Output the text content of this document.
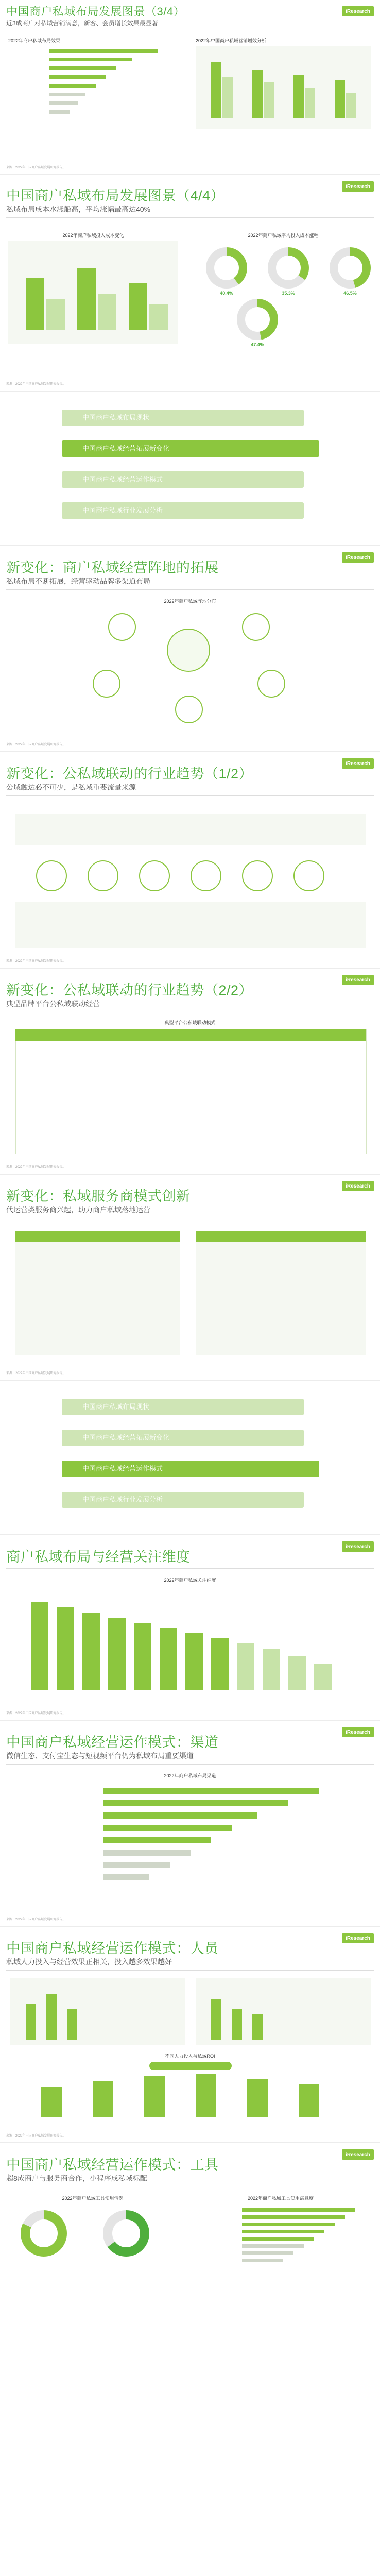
中国商户私域布局发展图景（3/4）
近3成商户对私域营销满意，新客、会员增长效果最显著
iResearch
2022年商户私域布局效果	2022年中国商户私域营销增效分析
来源：2022年中国商户私域发展研究报告。
中国商户私域布局发展图景（4/4）
私域布局成本水涨船高，平均涨幅最高达40%
iResearch
2022年商户私域投入成本变化	2022年商户私域平均投入成本涨幅
40.4%	35.3%	46.5%
47.4%
来源：2022年中国商户私域发展研究报告。
中国商户私域布局现状
中国商户私域经营拓展新变化
中国商户私域经营运作模式
中国商户私域行业发展分析
新变化：商户私域经营阵地的拓展
私域布局不断拓展，经营驱动品牌多渠道布局
iResearch
2022年商户私域阵地分布
来源：2022年中国商户私域发展研究报告。
新变化：公私域联动的行业趋势（1/2）
公域触达必不可少，是私域重要流量来源
iResearch
来源：2022年中国商户私域发展研究报告。
新变化：公私域联动的行业趋势（2/2）
典型品牌平台公私域联动经营
iResearch
典型平台公私域联动模式
来源：2022年中国商户私域发展研究报告。
新变化：私域服务商模式创新
代运营类服务商兴起，助力商户私域落地运营
iResearch
来源：2022年中国商户私域发展研究报告。
中国商户私域布局现状
中国商户私域经营拓展新变化
中国商户私域经营运作模式
中国商户私域行业发展分析
商户私域布局与经营关注维度
iResearch
2022年商户私域关注维度
来源：2022年中国商户私域发展研究报告。
中国商户私域经营运作模式：渠道
微信生态、支付宝生态与短视频平台仍为私域布局重要渠道
iResearch
2022年商户私域布局渠道
来源：2022年中国商户私域发展研究报告。
中国商户私域经营运作模式：人员
私域人力投入与经营效果正相关，投入越多效果越好
iResearch
不同人力投入与私域ROI
来源：2022年中国商户私域发展研究报告。
中国商户私域经营运作模式：工具
超8成商户与服务商合作，小程序成私域标配
iResearch
2022年商户私域工具使用情况	2022年商户私域工具使用满意度
